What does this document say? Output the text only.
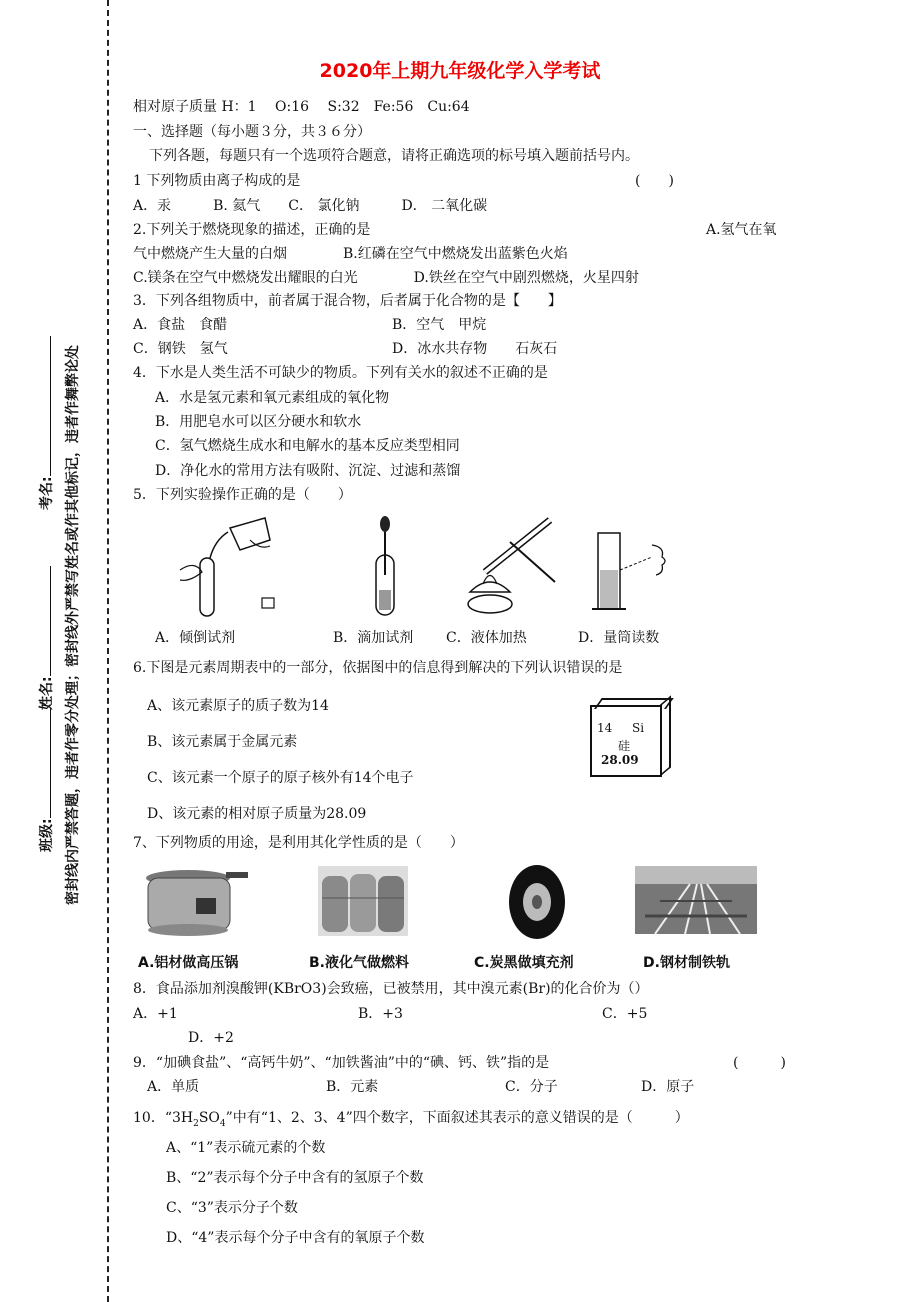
密封线内严禁答题，违者作零分处理；密封线外严禁写姓名或作其他标记，违者作舞弊论处
班级:
姓名:
考名:
2020年上期九年级化学入学考试
相对原子质量 H：1　 O:16　 S:32　Fe:56　Cu:64
一、选择题（每小题３分，共３６分）
下列各题，每题只有一个选项符合题意，请将正确选项的标号填入题前括号内。
1 下列物质由离子构成的是	(　　)
A．汞　　　B. 氦气　　C． 氯化钠　　　D． 二氧化碳
2.下列关于燃烧现象的描述，正确的是	A.氢气在氧
气中燃烧产生大量的白烟　　　　B.红磷在空气中燃烧发出蓝紫色火焰
C.镁条在空气中燃烧发出耀眼的白光　　　　D.铁丝在空气中剧烈燃烧，火星四射
3．下列各组物质中，前者属于混合物，后者属于化合物的是【　　】
A．食盐　食醋	B．空气　甲烷
C．钢铁　氢气	D．冰水共存物　　石灰石
4．下水是人类生活不可缺少的物质。下列有关水的叙述不正确的是
A．水是氢元素和氧元素组成的氧化物
B．用肥皂水可以区分硬水和软水
C．氢气燃烧生成水和电解水的基本反应类型相同
D．净化水的常用方法有吸附、沉淀、过滤和蒸馏
5．下列实验操作正确的是（　　）
A．倾倒试剂	B．滴加试剂 C．液体加热	D．量筒读数
6.下图是元素周期表中的一部分，依据图中的信息得到解决的下列认识错误的是
A、该元素原子的质子数为14
B、该元素属于金属元素
C、该元素一个原子的原子核外有14个电子
D、该元素的相对原子质量为28.09
14 Si
硅
28.09
7、下列物质的用途，是利用其化学性质的是（　　）
A.铝材做高压锅	B.液化气做燃料	C.炭黑做填充剂	D.钢材制铁轨
8．食品添加剂溴酸钾(KBrO3)会致癌，已被禁用，其中溴元素(Br)的化合价为（）
A．+1	B．+3	C．+5
D．+2
9．“加碘食盐”、“高钙牛奶”、“加铁酱油”中的“碘、钙、铁”指的是	(　　　)
A．单质	B．元素	C．分子	D．原子
10．“$3H_2SO_4$”中有“1、2、3、4”四个数字，下面叙述其表示的意义错误的是（　　　）
A、“1”表示硫元素的个数
B、“2”表示每个分子中含有的氢原子个数
C、“3”表示分子个数
D、“4”表示每个分子中含有的氧原子个数
